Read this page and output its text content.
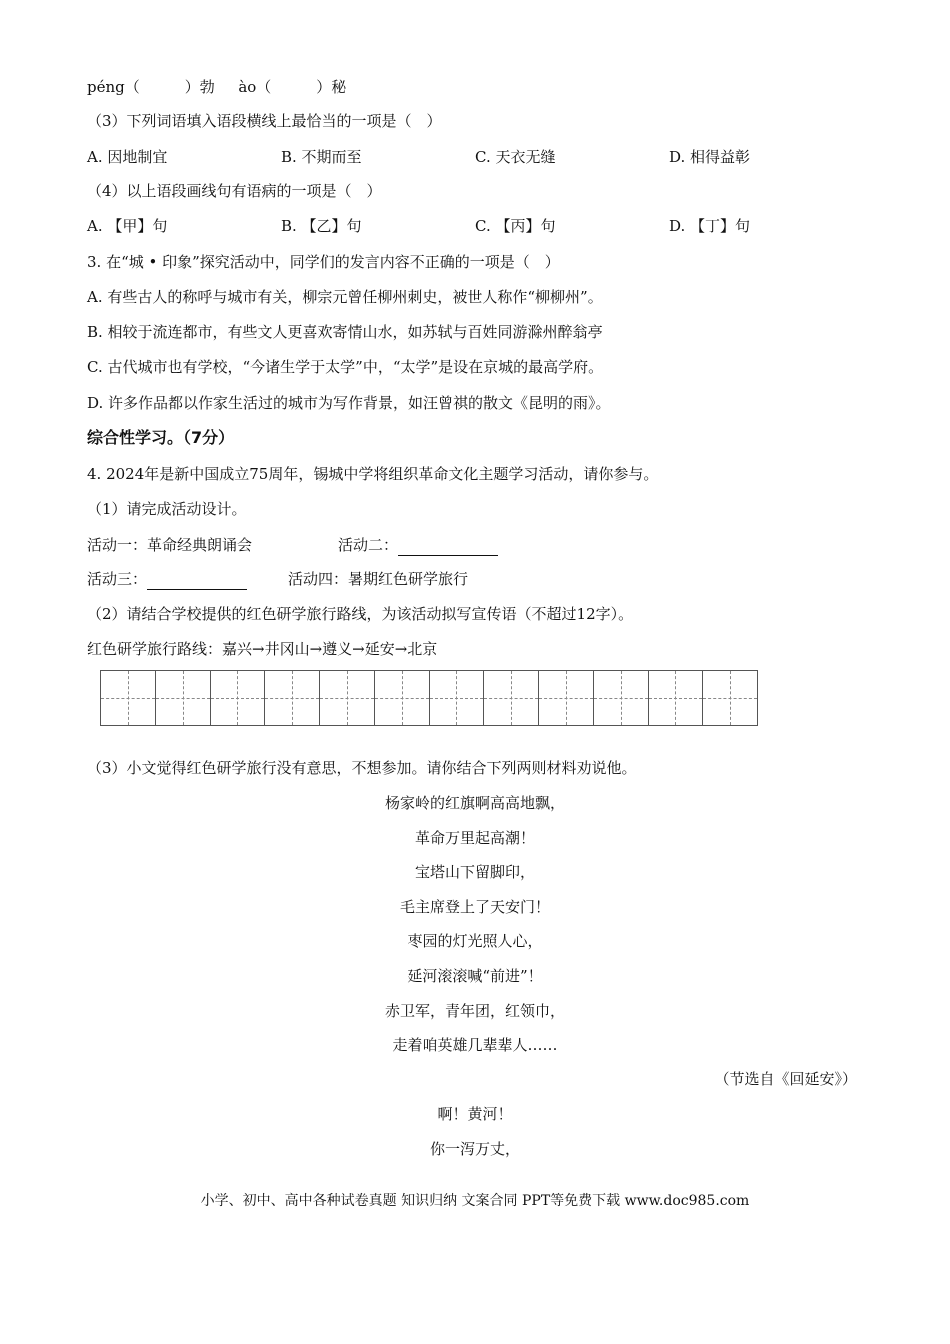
péng（　　　）勃 ào（　　　）秘
（3）下列词语填入语段横线上最恰当的一项是（　）
A. 因地制宜	B. 不期而至	C. 天衣无缝	D. 相得益彰
（4）以上语段画线句有语病的一项是（　）
A. 【甲】句	B. 【乙】句	C. 【丙】句	D. 【丁】句
3. 在“城 • 印象”探究活动中，同学们的发言内容不正确的一项是（　）
A. 有些古人的称呼与城市有关，柳宗元曾任柳州刺史，被世人称作“柳柳州”。
B. 相较于流连都市，有些文人更喜欢寄情山水，如苏轼与百姓同游滁州醉翁亭
C. 古代城市也有学校，“今诸生学于太学”中，“太学”是设在京城的最高学府。
D. 许多作品都以作家生活过的城市为写作背景，如汪曾祺的散文《昆明的雨》。
综合性学习。（7分）
4. 2024年是新中国成立75周年，锡城中学将组织革命文化主题学习活动，请你参与。
（1）请完成活动设计。
活动一：革命经典朗诵会	活动二：
活动三：	活动四：暑期红色研学旅行
（2）请结合学校提供的红色研学旅行路线，为该活动拟写宣传语（不超过12字）。
红色研学旅行路线：嘉兴→井冈山→遵义→延安→北京
（3）小文觉得红色研学旅行没有意思，不想参加。请你结合下列两则材料劝说他。
杨家岭的红旗啊高高地飘，
革命万里起高潮！
宝塔山下留脚印，
毛主席登上了天安门！
枣园的灯光照人心，
延河滚滚喊“前进”！
赤卫军，青年团，红领巾，
走着咱英雄几辈辈人……
（节选自《回延安》）
啊！黄河！
你一泻万丈，
小学、初中、高中各种试卷真题 知识归纳 文案合同 PPT等免费下载 www.doc985.com
